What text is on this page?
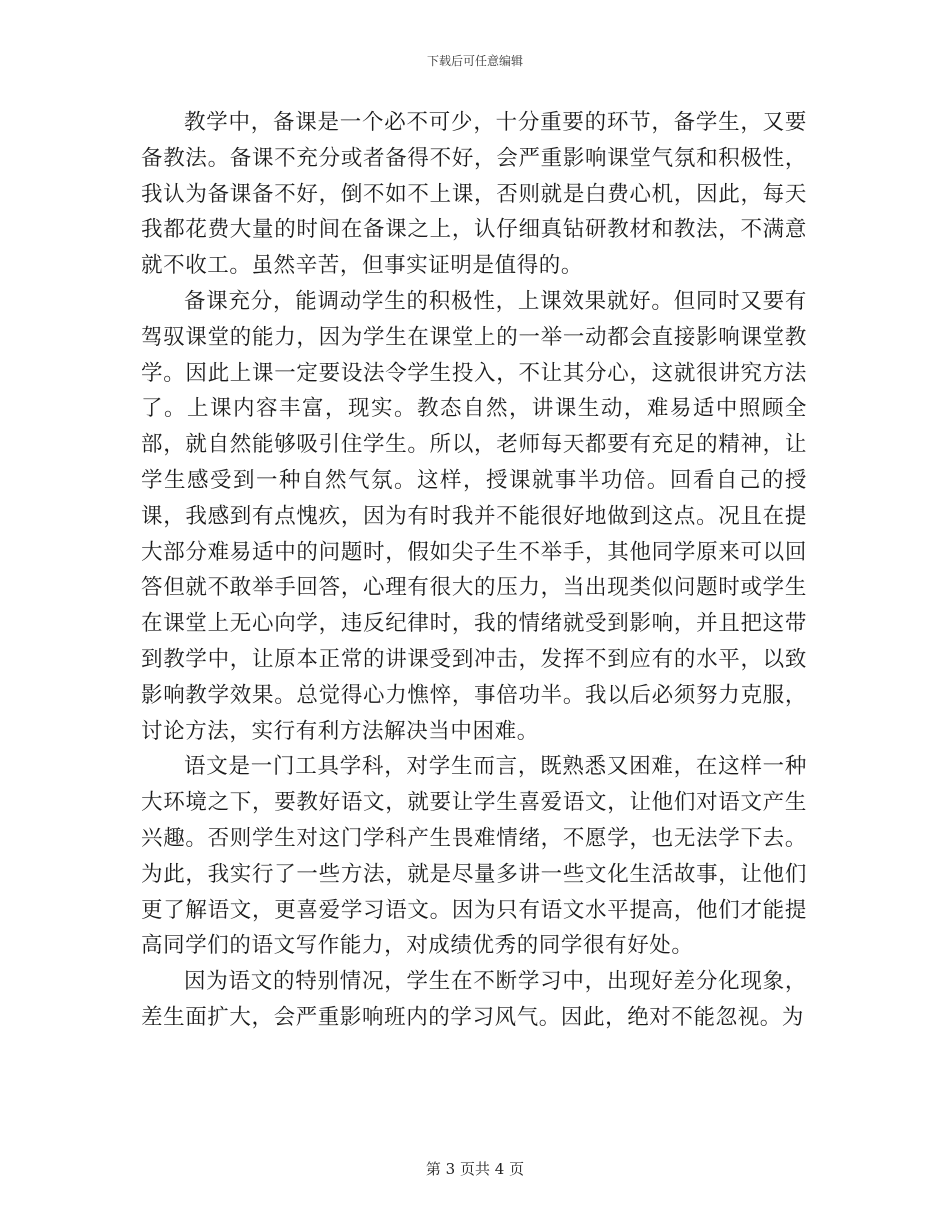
下载后可任意编辑

教学中，备课是一个必不可少，十分重要的环节，备学生，又要备教法。备课不充分或者备得不好，会严重影响课堂气氛和积极性，我认为备课备不好，倒不如不上课，否则就是白费心机，因此，每天我都花费大量的时间在备课之上，认仔细真钻研教材和教法，不满意就不收工。虽然辛苦，但事实证明是值得的。

备课充分，能调动学生的积极性，上课效果就好。但同时又要有驾驭课堂的能力，因为学生在课堂上的一举一动都会直接影响课堂教学。因此上课一定要设法令学生投入，不让其分心，这就很讲究方法了。上课内容丰富，现实。教态自然，讲课生动，难易适中照顾全部，就自然能够吸引住学生。所以，老师每天都要有充足的精神，让学生感受到一种自然气氛。这样，授课就事半功倍。回看自己的授课，我感到有点愧疚，因为有时我并不能很好地做到这点。况且在提大部分难易适中的问题时，假如尖子生不举手，其他同学原来可以回答但就不敢举手回答，心理有很大的压力，当出现类似问题时或学生在课堂上无心向学，违反纪律时，我的情绪就受到影响，并且把这带到教学中，让原本正常的讲课受到冲击，发挥不到应有的水平，以致影响教学效果。总觉得心力憔悴，事倍功半。我以后必须努力克服，讨论方法，实行有利方法解决当中困难。

语文是一门工具学科，对学生而言，既熟悉又困难，在这样一种大环境之下，要教好语文，就要让学生喜爱语文，让他们对语文产生兴趣。否则学生对这门学科产生畏难情绪，不愿学，也无法学下去。为此，我实行了一些方法，就是尽量多讲一些文化生活故事，让他们更了解语文，更喜爱学习语文。因为只有语文水平提高，他们才能提高同学们的语文写作能力，对成绩优秀的同学很有好处。

因为语文的特别情况，学生在不断学习中，出现好差分化现象，差生面扩大，会严重影响班内的学习风气。因此，绝对不能忽视。为

第 3 页共 4 页
